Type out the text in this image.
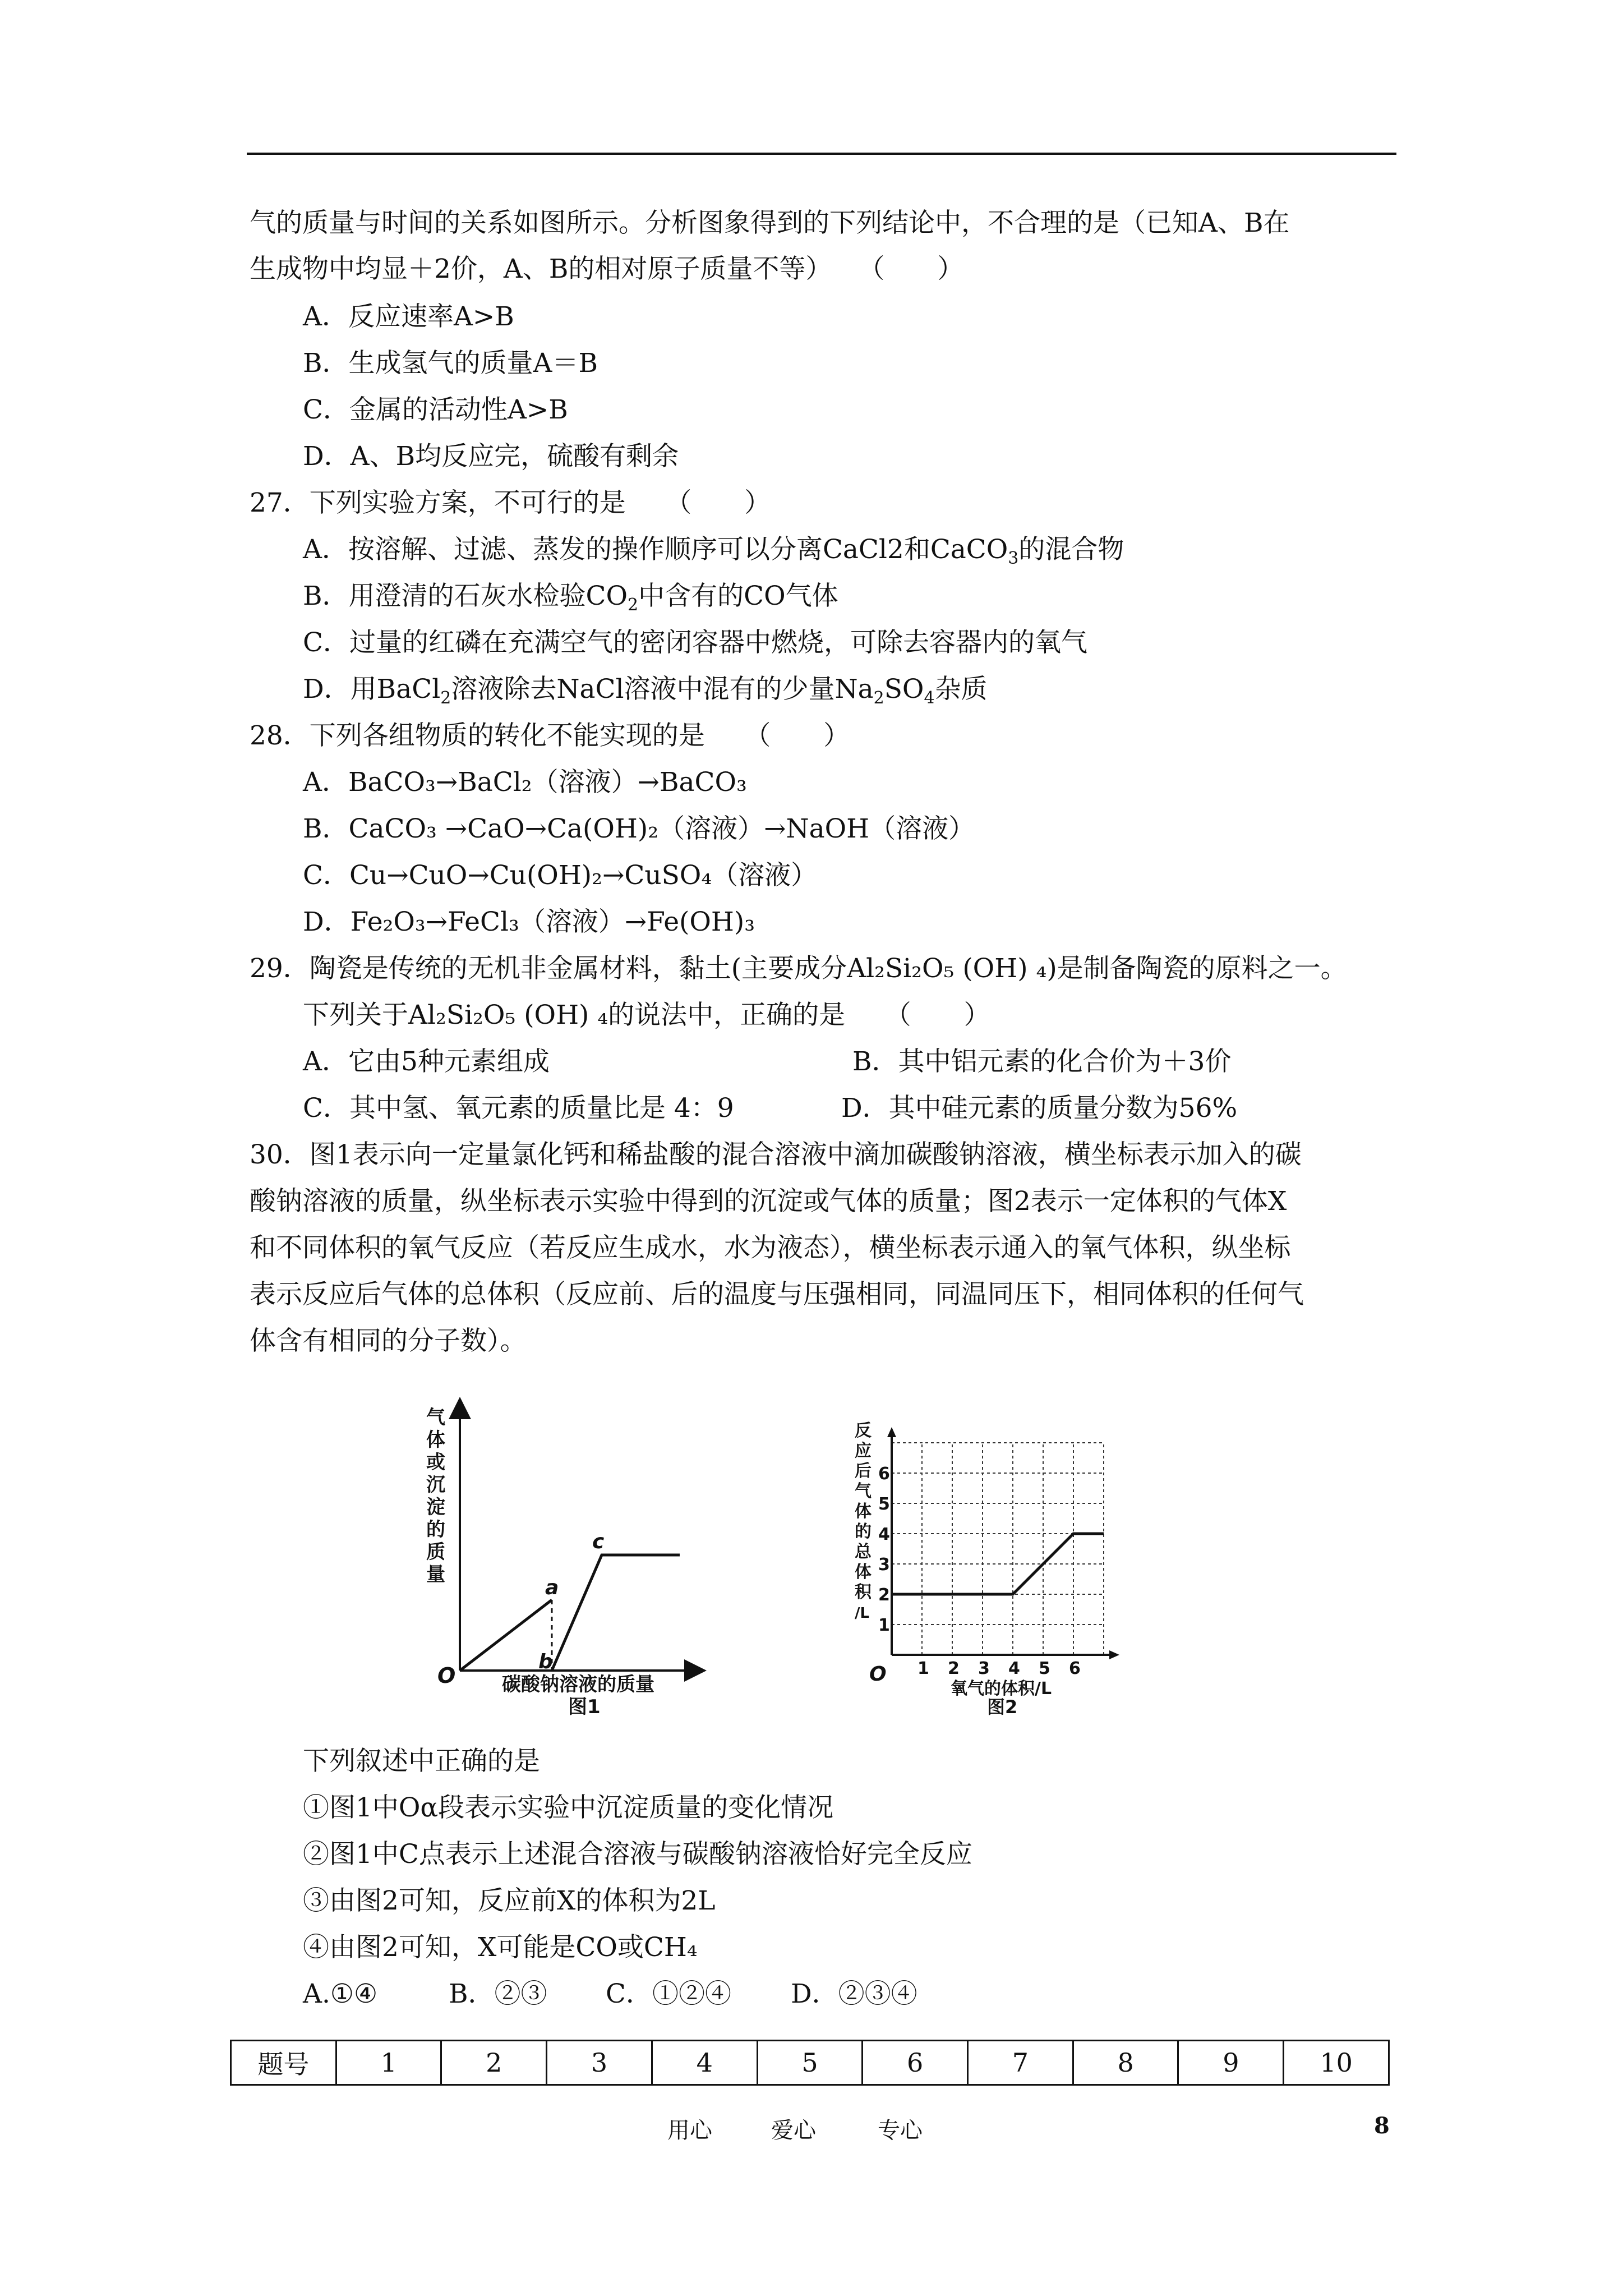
气的质量与时间的关系如图所示。分析图象得到的下列结论中，不合理的是（已知A、B在
生成物中均显＋2价，A、B的相对原子质量不等）　　（　　）
A．反应速率A>B
B．生成氢气的质量A＝B
C．金属的活动性A>B
D．A、B均反应完，硫酸有剩余
27．下列实验方案，不可行的是　　（　　）
A．按溶解、过滤、蒸发的操作顺序可以分离CaCl2和CaCO$_3$的混合物
B．用澄清的石灰水检验$CO_2$中含有的CO气体
C．过量的红磷在充满空气的密闭容器中燃烧，可除去容器内的氧气
D．用BaCl$_2$溶液除去NaCl溶液中混有的少量$Na_2SO_4$杂质
28．下列各组物质的转化不能实现的是　　（　　）
A．BaCO₃→BaCl₂（溶液）→BaCO₃
B．CaCO₃ →CaO→Ca(OH)₂（溶液）→NaOH（溶液）
C．Cu→CuO→Cu(OH)₂→CuSO₄（溶液）
D．Fe₂O₃→FeCl₃（溶液）→Fe(OH)₃
29．陶瓷是传统的无机非金属材料，黏土(主要成分Al₂Si₂O₅ (OH) ₄)是制备陶瓷的原料之一。
下列关于Al₂Si₂O₅ (OH) ₄的说法中，正确的是　　（　　）
A．它由5种元素组成	B．其中铝元素的化合价为＋3价
C．其中氢、氧元素的质量比是 4：9	D．其中硅元素的质量分数为56%
30．图1表示向一定量氯化钙和稀盐酸的混合溶液中滴加碳酸钠溶液，横坐标表示加入的碳
酸钠溶液的质量，纵坐标表示实验中得到的沉淀或气体的质量；图2表示一定体积的气体X
和不同体积的氧气反应（若反应生成水，水为液态），横坐标表示通入的氧气体积，纵坐标
表示反应后气体的总体积（反应前、后的温度与压强相同，同温同压下，相同体积的任何气
体含有相同的分子数）。
气
体
或
沉
淀
的
质
量
O
a
b
c
碳酸钠溶液的质量
图1
1 2 3 4 5 6
1
2
3
4
5
6
反
应
后
气
体
的
总
体
积
/L
O
氧气的体积/L
图2
下列叙述中正确的是
①图1中Oα段表示实验中沉淀质量的变化情况
②图1中C点表示上述混合溶液与碳酸钠溶液恰好完全反应
③由图2可知，反应前X的体积为2L
④由图2可知，X可能是CO或CH₄
A.①④	B．②③ C．①②④ D．②③④
题号	1	2	3	4	5	6	7	8	9	10
用心	爱心	专心	8
